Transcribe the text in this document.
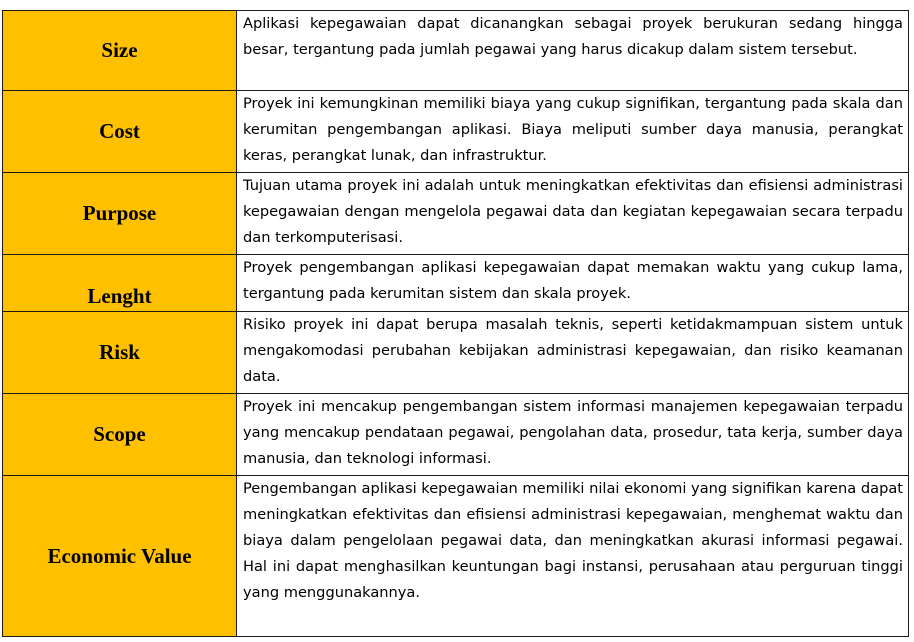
Size	Aplikasi kepegawaian dapat dicanangkan sebagai proyek berukuran sedang hingga besar, tergantung pada jumlah pegawai yang harus dicakup dalam sistem tersebut.
Cost	Proyek ini kemungkinan memiliki biaya yang cukup signifikan, tergantung pada skala dan kerumitan pengembangan aplikasi. Biaya meliputi sumber daya manusia, perangkat keras, perangkat lunak, dan infrastruktur.
Purpose	Tujuan utama proyek ini adalah untuk meningkatkan efektivitas dan efisiensi administrasi kepegawaian dengan mengelola pegawai data dan kegiatan kepegawaian secara terpadu dan terkomputerisasi.
Lenght	Proyek pengembangan aplikasi kepegawaian dapat memakan waktu yang cukup lama, tergantung pada kerumitan sistem dan skala proyek.
Risk	Risiko proyek ini dapat berupa masalah teknis, seperti ketidakmampuan sistem untuk mengakomodasi perubahan kebijakan administrasi kepegawaian, dan risiko keamanan data.
Scope	Proyek ini mencakup pengembangan sistem informasi manajemen kepegawaian terpadu yang mencakup pendataan pegawai, pengolahan data, prosedur, tata kerja, sumber daya manusia, dan teknologi informasi.
Economic Value	Pengembangan aplikasi kepegawaian memiliki nilai ekonomi yang signifikan karena dapat meningkatkan efektivitas dan efisiensi administrasi kepegawaian, menghemat waktu dan biaya dalam pengelolaan pegawai data, dan meningkatkan akurasi informasi pegawai. Hal ini dapat menghasilkan keuntungan bagi instansi, perusahaan atau perguruan tinggi yang menggunakannya.
